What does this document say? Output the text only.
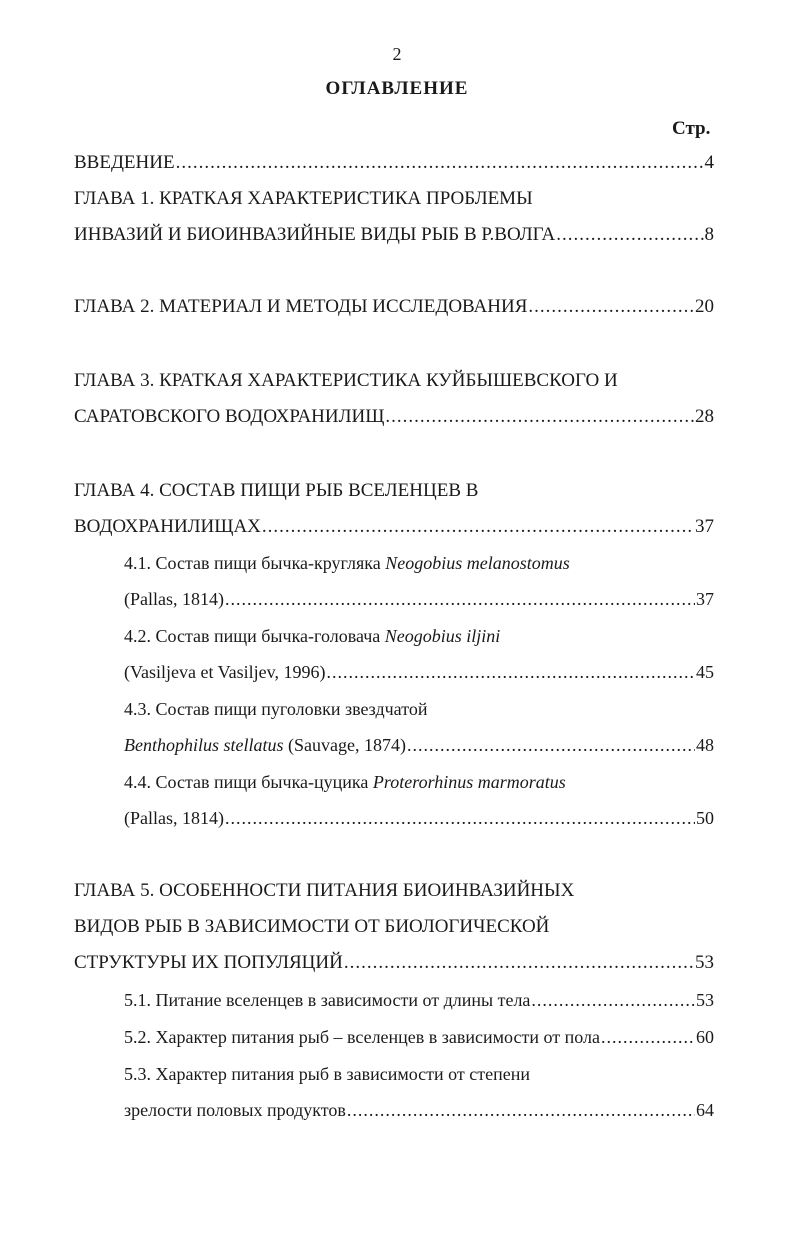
2
ОГЛАВЛЕНИЕ
Стр.
ВВЕДЕНИЕ .....	4
ГЛАВА 1. КРАТКАЯ ХАРАКТЕРИСТИКА ПРОБЛЕМЫ
ИНВАЗИЙ И БИОИНВАЗИЙНЫЕ ВИДЫ РЫБ В Р.ВОЛГА .....	8
ГЛАВА 2. МАТЕРИАЛ И МЕТОДЫ ИССЛЕДОВАНИЯ .....	20
ГЛАВА 3. КРАТКАЯ ХАРАКТЕРИСТИКА КУЙБЫШЕВСКОГО И
САРАТОВСКОГО ВОДОХРАНИЛИЩ .....	28
ГЛАВА 4. СОСТАВ ПИЩИ РЫБ ВСЕЛЕНЦЕВ В
ВОДОХРАНИЛИЩАХ .....	37
4.1. Состав пищи бычка-кругляка Neogobius melanostomus
(Pallas, 1814) .....	37
4.2. Состав пищи бычка-головача Neogobius iljini
(Vasiljeva et Vasiljev, 1996) .....	45
4.3. Состав пищи пуголовки звездчатой
Benthophilus stellatus (Sauvage, 1874) .....	48
4.4. Состав пищи бычка-цуцика Proterorhinus marmoratus
(Pallas, 1814) .....	50
ГЛАВА 5. ОСОБЕННОСТИ ПИТАНИЯ БИОИНВАЗИЙНЫХ
ВИДОВ РЫБ В ЗАВИСИМОСТИ ОТ БИОЛОГИЧЕСКОЙ
СТРУКТУРЫ ИХ ПОПУЛЯЦИЙ .....	53
5.1. Питание вселенцев в зависимости от длины тела .....	53
5.2. Характер питания рыб – вселенцев в зависимости от пола .....	60
5.3. Характер питания рыб в зависимости от степени
зрелости половых продуктов .....	64
